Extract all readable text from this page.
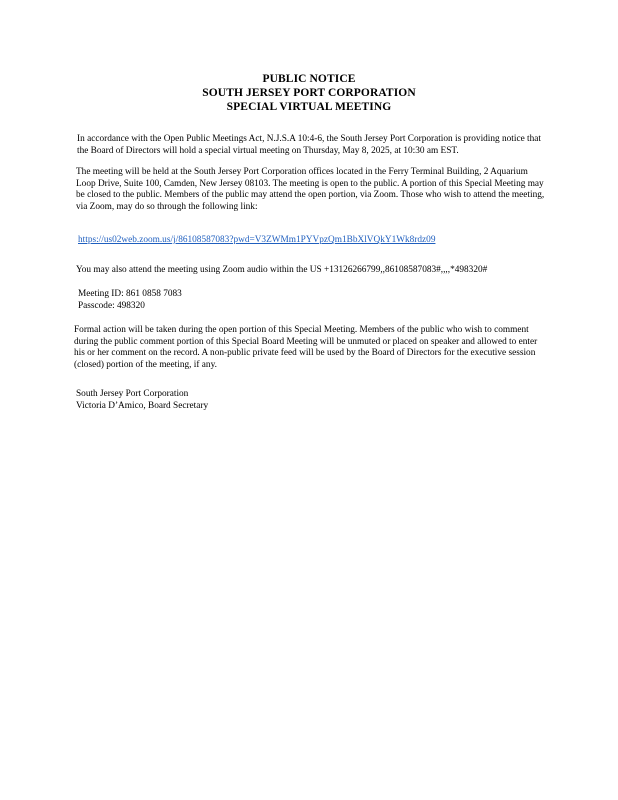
PUBLIC NOTICE
SOUTH JERSEY PORT CORPORATION
SPECIAL VIRTUAL MEETING

In accordance with the Open Public Meetings Act, N.J.S.A 10:4-6, the South Jersey Port Corporation is providing notice that the Board of Directors will hold a special virtual meeting on Thursday, May 8, 2025, at 10:30 am EST.

The meeting will be held at the South Jersey Port Corporation offices located in the Ferry Terminal Building, 2 Aquarium Loop Drive, Suite 100, Camden, New Jersey 08103. The meeting is open to the public. A portion of this Special Meeting may be closed to the public. Members of the public may attend the open portion, via Zoom. Those who wish to attend the meeting, via Zoom, may do so through the following link:

https://us02web.zoom.us/j/86108587083?pwd=V3ZWMm1PYVpzQm1BbXlVQkY1Wk8rdz09

You may also attend the meeting using Zoom audio within the US +13126266799,,86108587083#,,,,*498320#

Meeting ID: 861 0858 7083
Passcode: 498320

Formal action will be taken during the open portion of this Special Meeting. Members of the public who wish to comment during the public comment portion of this Special Board Meeting will be unmuted or placed on speaker and allowed to enter his or her comment on the record. A non-public private feed will be used by the Board of Directors for the executive session (closed) portion of the meeting, if any.

South Jersey Port Corporation
Victoria D’Amico, Board Secretary
